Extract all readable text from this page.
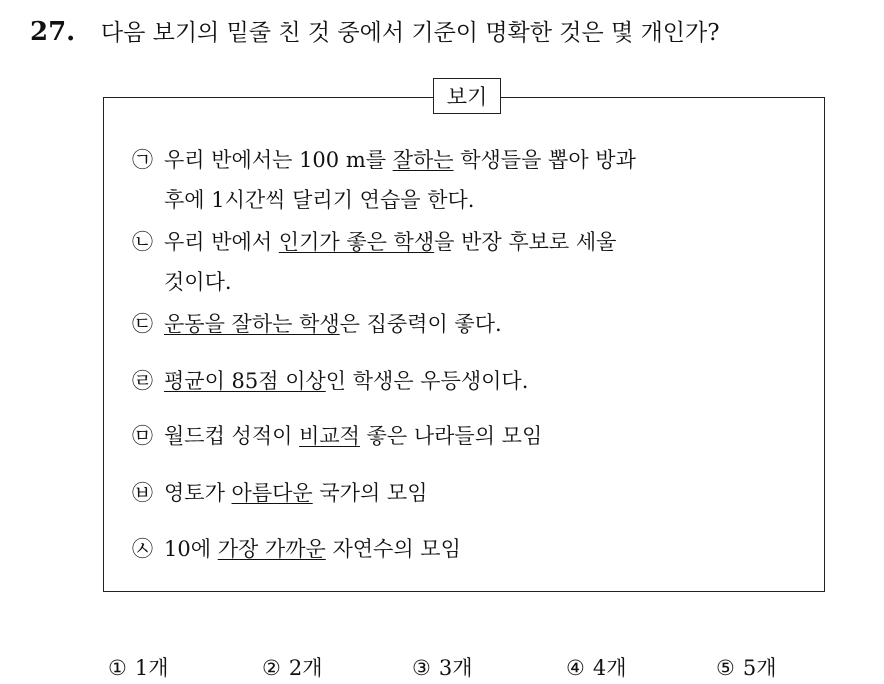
27. 다음 보기의 밑줄 친 것 중에서 기준이 명확한 것은 몇 개인가?
보기
㉠ 우리 반에서는 100 m를 잘하는 학생들을 뽑아 방과
후에 1시간씩 달리기 연습을 한다.
㉡ 우리 반에서 인기가 좋은 학생을 반장 후보로 세울
것이다.
㉢ 운동을 잘하는 학생은 집중력이 좋다.
㉣ 평균이 85점 이상인 학생은 우등생이다.
㉤ 월드컵 성적이 비교적 좋은 나라들의 모임
㉥ 영토가 아름다운 국가의 모임
㉦ 10에 가장 가까운 자연수의 모임
① 1개	② 2개	③ 3개	④ 4개	⑤ 5개
